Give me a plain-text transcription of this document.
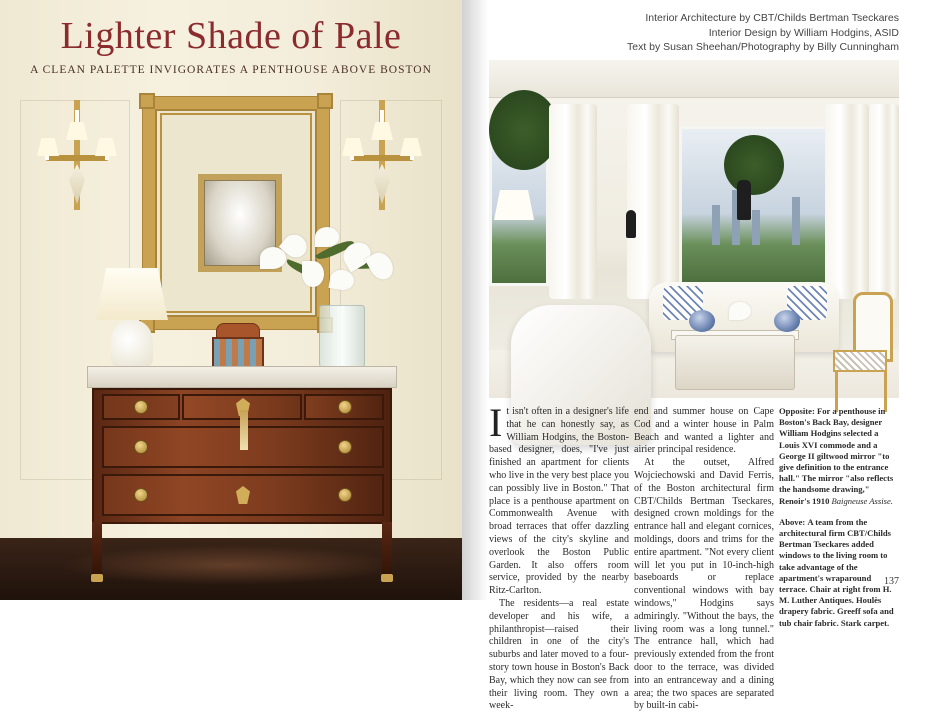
Lighter Shade of Pale
A CLEAN PALETTE INVIGORATES A PENTHOUSE ABOVE BOSTON
Interior Architecture by CBT/Childs Bertman Tseckares
Interior Design by William Hodgins, ASID
Text by Susan Sheehan/Photography by Billy Cunningham
I t isn't often in a designer's life that he can honestly say, as William Hodgins, the Boston-based designer, does, "I've just finished an apartment for clients who live in the very best place you can possibly live in Boston." That place is a penthouse apartment on Commonwealth Avenue with broad terraces that offer dazzling views of the city's skyline and overlook the Boston Public Garden. It also offers room service, provided by the nearby Ritz-Carlton.

The residents—a real estate developer and his wife, a philanthropist—raised their children in one of the city's suburbs and later moved to a four-story town house in Boston's Back Bay, which they now can see from their living room. They own a week-

end and summer house on Cape Cod and a winter house in Palm Beach and wanted a lighter and airier principal residence.

At the outset, Alfred Wojciechowski and David Ferris, of the Boston architectural firm CBT/Childs Bertman Tseckares, designed crown moldings for the entrance hall and elegant cornices, moldings, doors and trims for the entire apartment. "Not every client will let you put in 10-inch-high baseboards or replace conventional windows with bay windows," Hodgins says admiringly. "Without the bays, the living room was a long tunnel." The entrance hall, which had previously extended from the front door to the terrace, was divided into an entranceway and a dining area; the two spaces are separated by built-in cabi-

Opposite: For a penthouse in Boston's Back Bay, designer William Hodgins selected a Louis XVI commode and a George II giltwood mirror "to give definition to the entrance hall." The mirror "also reflects the handsome drawing," Renoir's 1910 Baigneuse Assise.
Above: A team from the architectural firm CBT/Childs Bertman Tseckares added windows to the living room to take advantage of the apartment's wraparound terrace. Chair at right from H. M. Luther Antiques. Houlès drapery fabric. Greeff sofa and tub chair fabric. Stark carpet.
137
